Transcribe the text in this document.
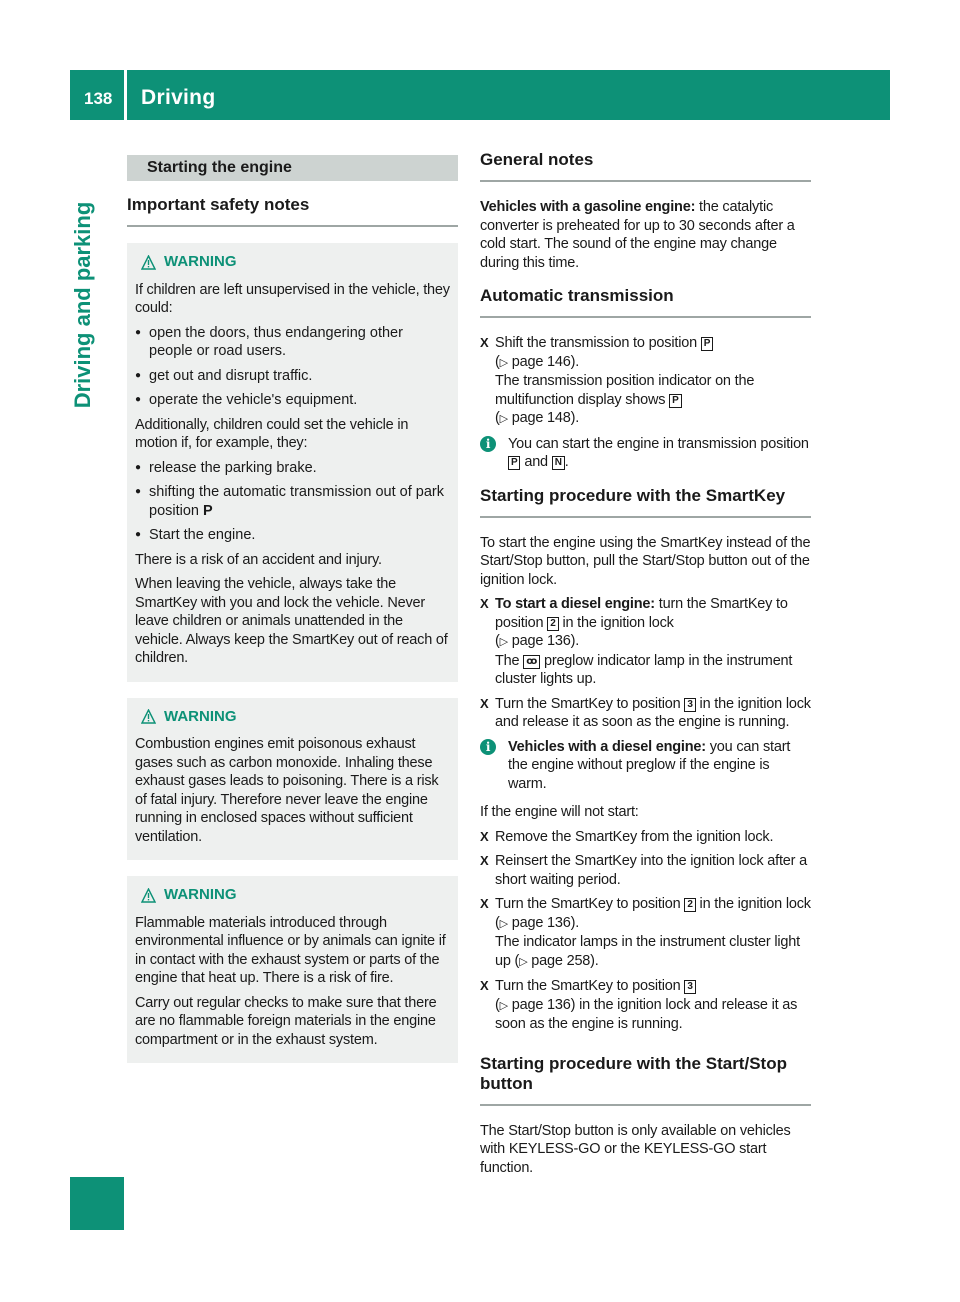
138 Driving
Driving and parking
Starting the engine
Important safety notes
WARNING

If children are left unsupervised in the vehicle, they could:

● open the doors, thus endangering other people or road users.
● get out and disrupt traffic.
● operate the vehicle's equipment.

Additionally, children could set the vehicle in motion if, for example, they:

● release the parking brake.
● shifting the automatic transmission out of park position P
● Start the engine.

There is a risk of an accident and injury.

When leaving the vehicle, always take the SmartKey with you and lock the vehicle. Never leave children or animals unattended in the vehicle. Always keep the SmartKey out of reach of children.

WARNING

Combustion engines emit poisonous exhaust gases such as carbon monoxide. Inhaling these exhaust gases leads to poisoning. There is a risk of fatal injury. Therefore never leave the engine running in enclosed spaces without sufficient ventilation.

WARNING

Flammable materials introduced through environmental influence or by animals can ignite if in contact with the exhaust system or parts of the engine that heat up. There is a risk of fire.

Carry out regular checks to make sure that there are no flammable foreign materials in the engine compartment or in the exhaust system.

General notes

Vehicles with a gasoline engine: the catalytic converter is preheated for up to 30 seconds after a cold start. The sound of the engine may change during this time.

Automatic transmission
X Shift the transmission to position P
(▷ page 146).
The transmission position indicator on the multifunction display shows P
(▷ page 148).
i	You can start the engine in transmission position P and N .
Starting procedure with the SmartKey

To start the engine using the SmartKey instead of the Start/Stop button, pull the Start/Stop button out of the ignition lock.

X To start a diesel engine: turn the SmartKey to position 2 in the ignition lock
(▷ page 136).
The ꝏ preglow indicator lamp in the instrument cluster lights up.
X Turn the SmartKey to position 3 in the ignition lock and release it as soon as the engine is running.
i	Vehicles with a diesel engine: you can start the engine without preglow if the engine is warm.

If the engine will not start:

X Remove the SmartKey from the ignition lock.
X Reinsert the SmartKey into the ignition lock after a short waiting period.
X Turn the SmartKey to position 2 in the ignition lock (▷ page 136).
The indicator lamps in the instrument cluster light up (▷ page 258).
X Turn the SmartKey to position 3
(▷ page 136) in the ignition lock and release it as soon as the engine is running.
Starting procedure with the Start/Stop button

The Start/Stop button is only available on vehicles with KEYLESS-GO or the KEYLESS-GO start function.
